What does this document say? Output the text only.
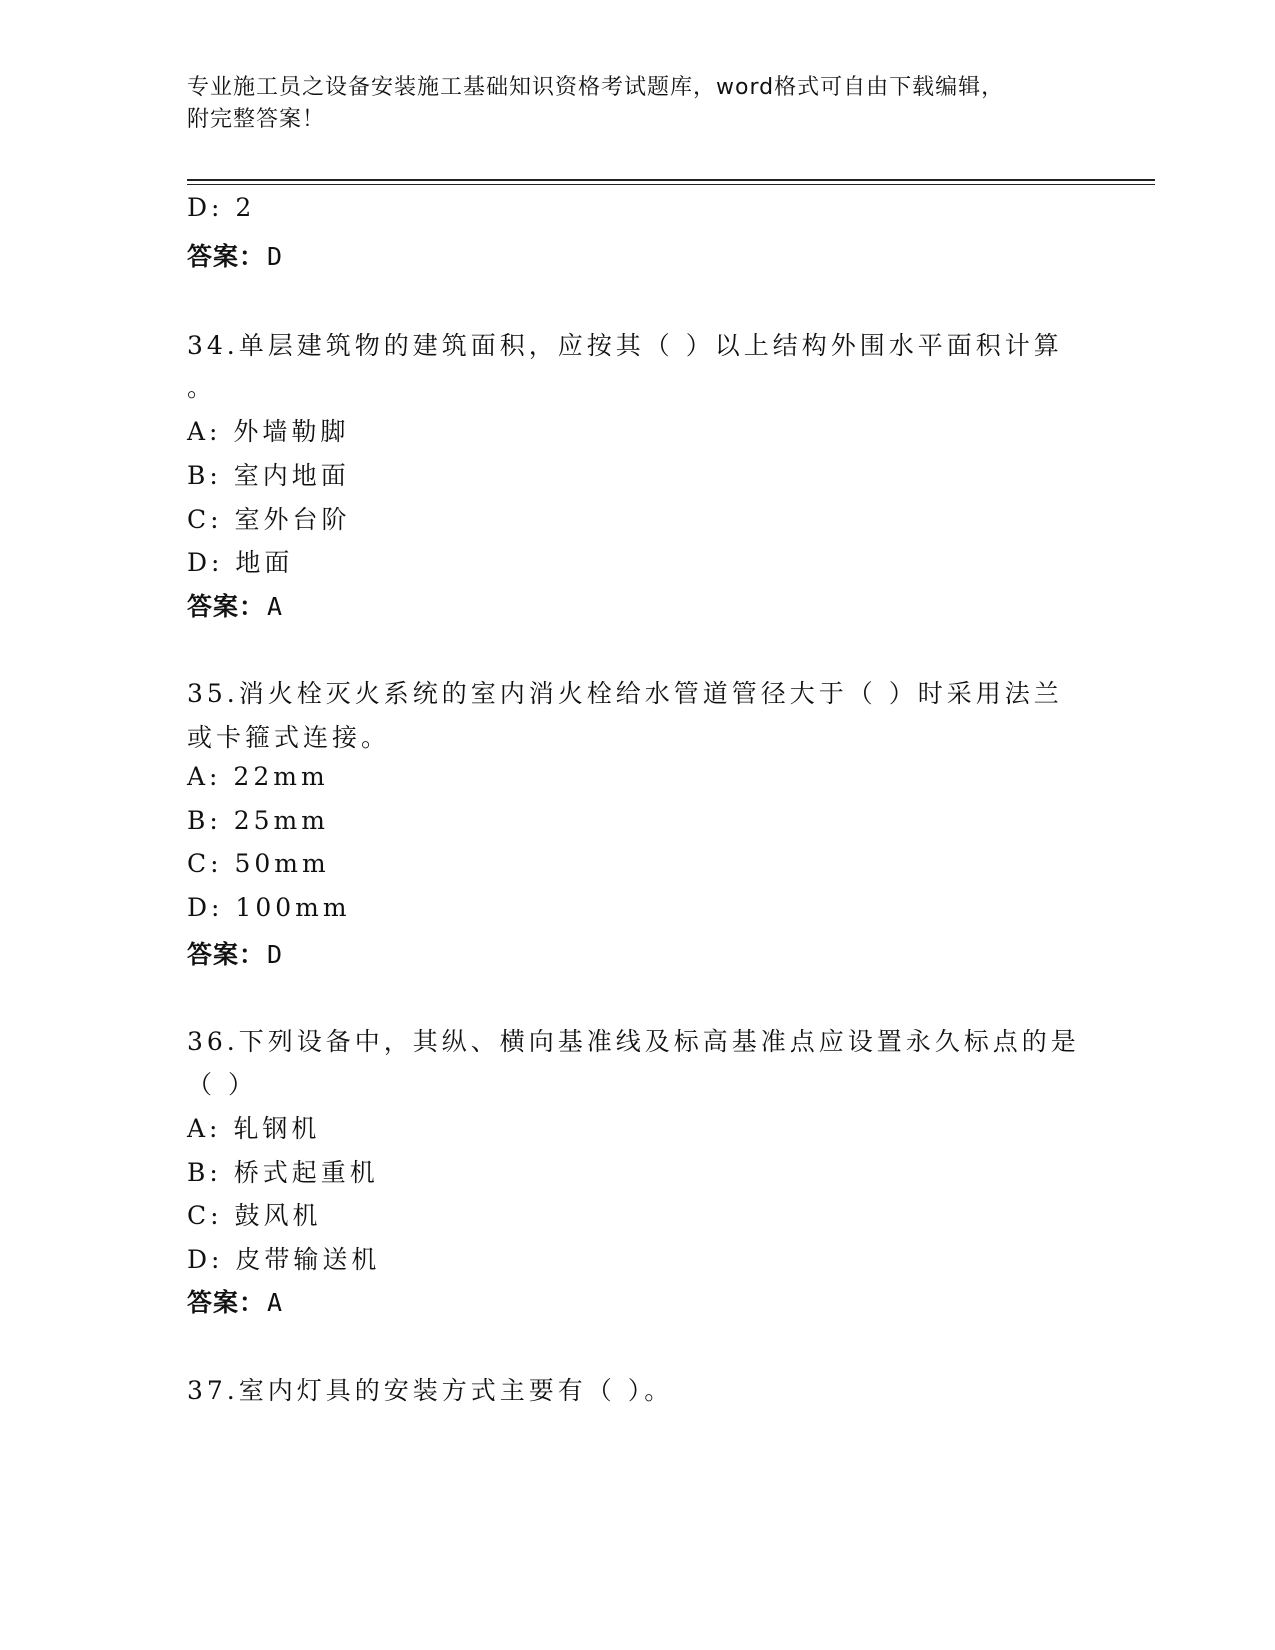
专业施工员之设备安装施工基础知识资格考试题库，word格式可自由下载编辑，
附完整答案！
D: 2
答案：D
34.单层建筑物的建筑面积，应按其（ ）以上结构外围水平面积计算
。
A: 外墙勒脚
B: 室内地面
C: 室外台阶
D: 地面
答案：A
35.消火栓灭火系统的室内消火栓给水管道管径大于（ ）时采用法兰
或卡箍式连接。
A: 22mm
B: 25mm
C: 50mm
D: 100mm
答案：D
36.下列设备中，其纵、横向基准线及标高基准点应设置永久标点的是
（ ）
A: 轧钢机
B: 桥式起重机
C: 鼓风机
D: 皮带输送机
答案：A
37.室内灯具的安装方式主要有（ ）。
